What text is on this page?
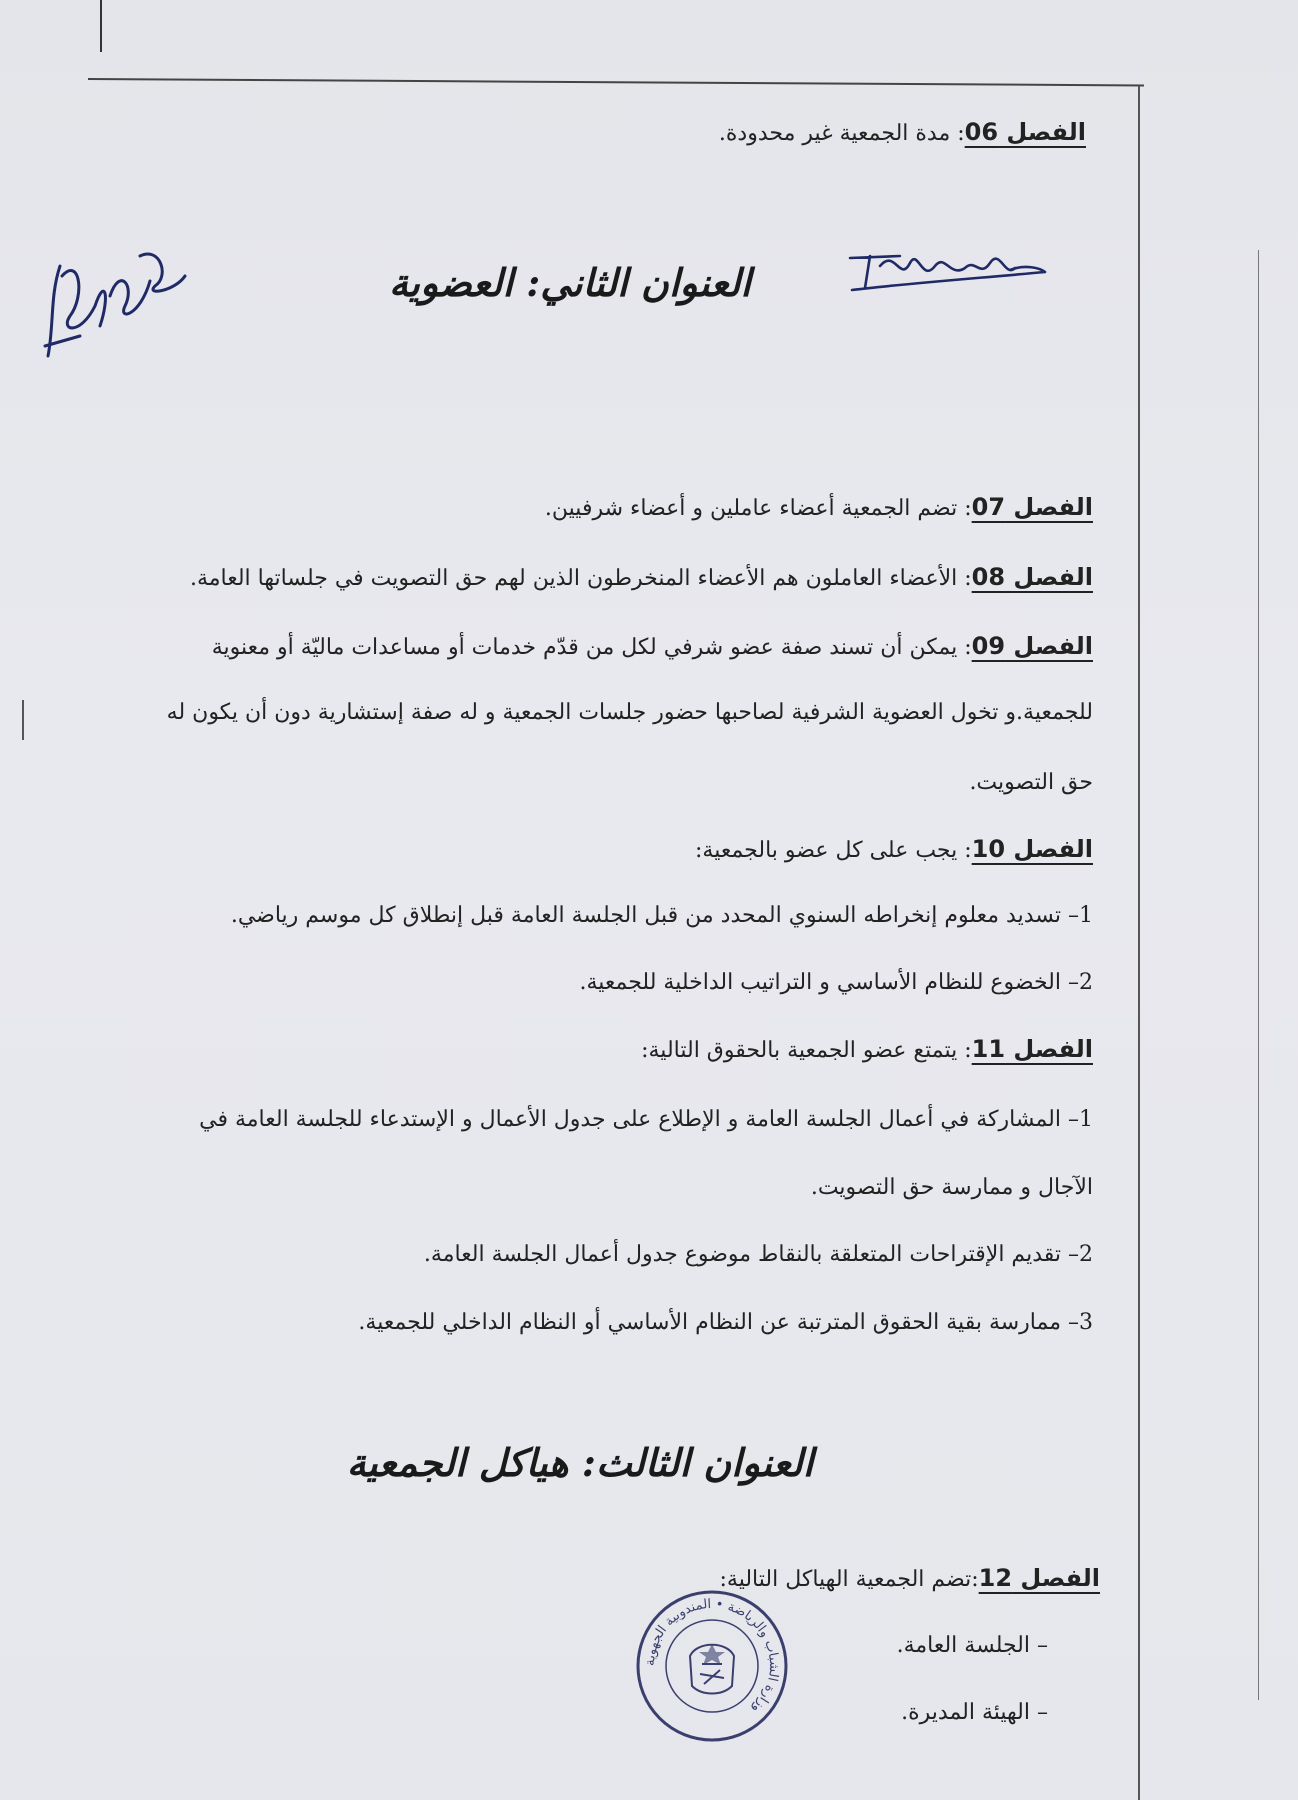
الفصل 06: مدة الجمعية غير محدودة.
العنوان الثاني: العضوية
الفصل 07: تضم الجمعية أعضاء عاملين و أعضاء شرفيين.
الفصل 08: الأعضاء العاملون هم الأعضاء المنخرطون الذين لهم حق التصويت في جلساتها العامة.
الفصل 09: يمكن أن تسند صفة عضو شرفي لكل من قدّم خدمات أو مساعدات ماليّة أو معنوية
للجمعية.و تخول العضوية الشرفية لصاحبها حضور جلسات الجمعية و له صفة إستشارية دون أن يكون له
حق التصويت.
الفصل 10: يجب على كل عضو بالجمعية:
1– تسديد معلوم إنخراطه السنوي المحدد من قبل الجلسة العامة قبل إنطلاق كل موسم رياضي.
2– الخضوع للنظام الأساسي و التراتيب الداخلية للجمعية.
الفصل 11: يتمتع عضو الجمعية بالحقوق التالية:
1– المشاركة في أعمال الجلسة العامة و الإطلاع على جدول الأعمال و الإستدعاء للجلسة العامة في
الآجال و ممارسة حق التصويت.
2– تقديم الإقتراحات المتعلقة بالنقاط موضوع جدول أعمال الجلسة العامة.
3– ممارسة بقية الحقوق المترتبة عن النظام الأساسي أو النظام الداخلي للجمعية.
العنوان الثالث: هياكل الجمعية
الفصل 12:تضم الجمعية الهياكل التالية:
– الجلسة العامة.
– الهيئة المديرة.
وزارة الشباب والرياضة • المندوبية الجهوية
